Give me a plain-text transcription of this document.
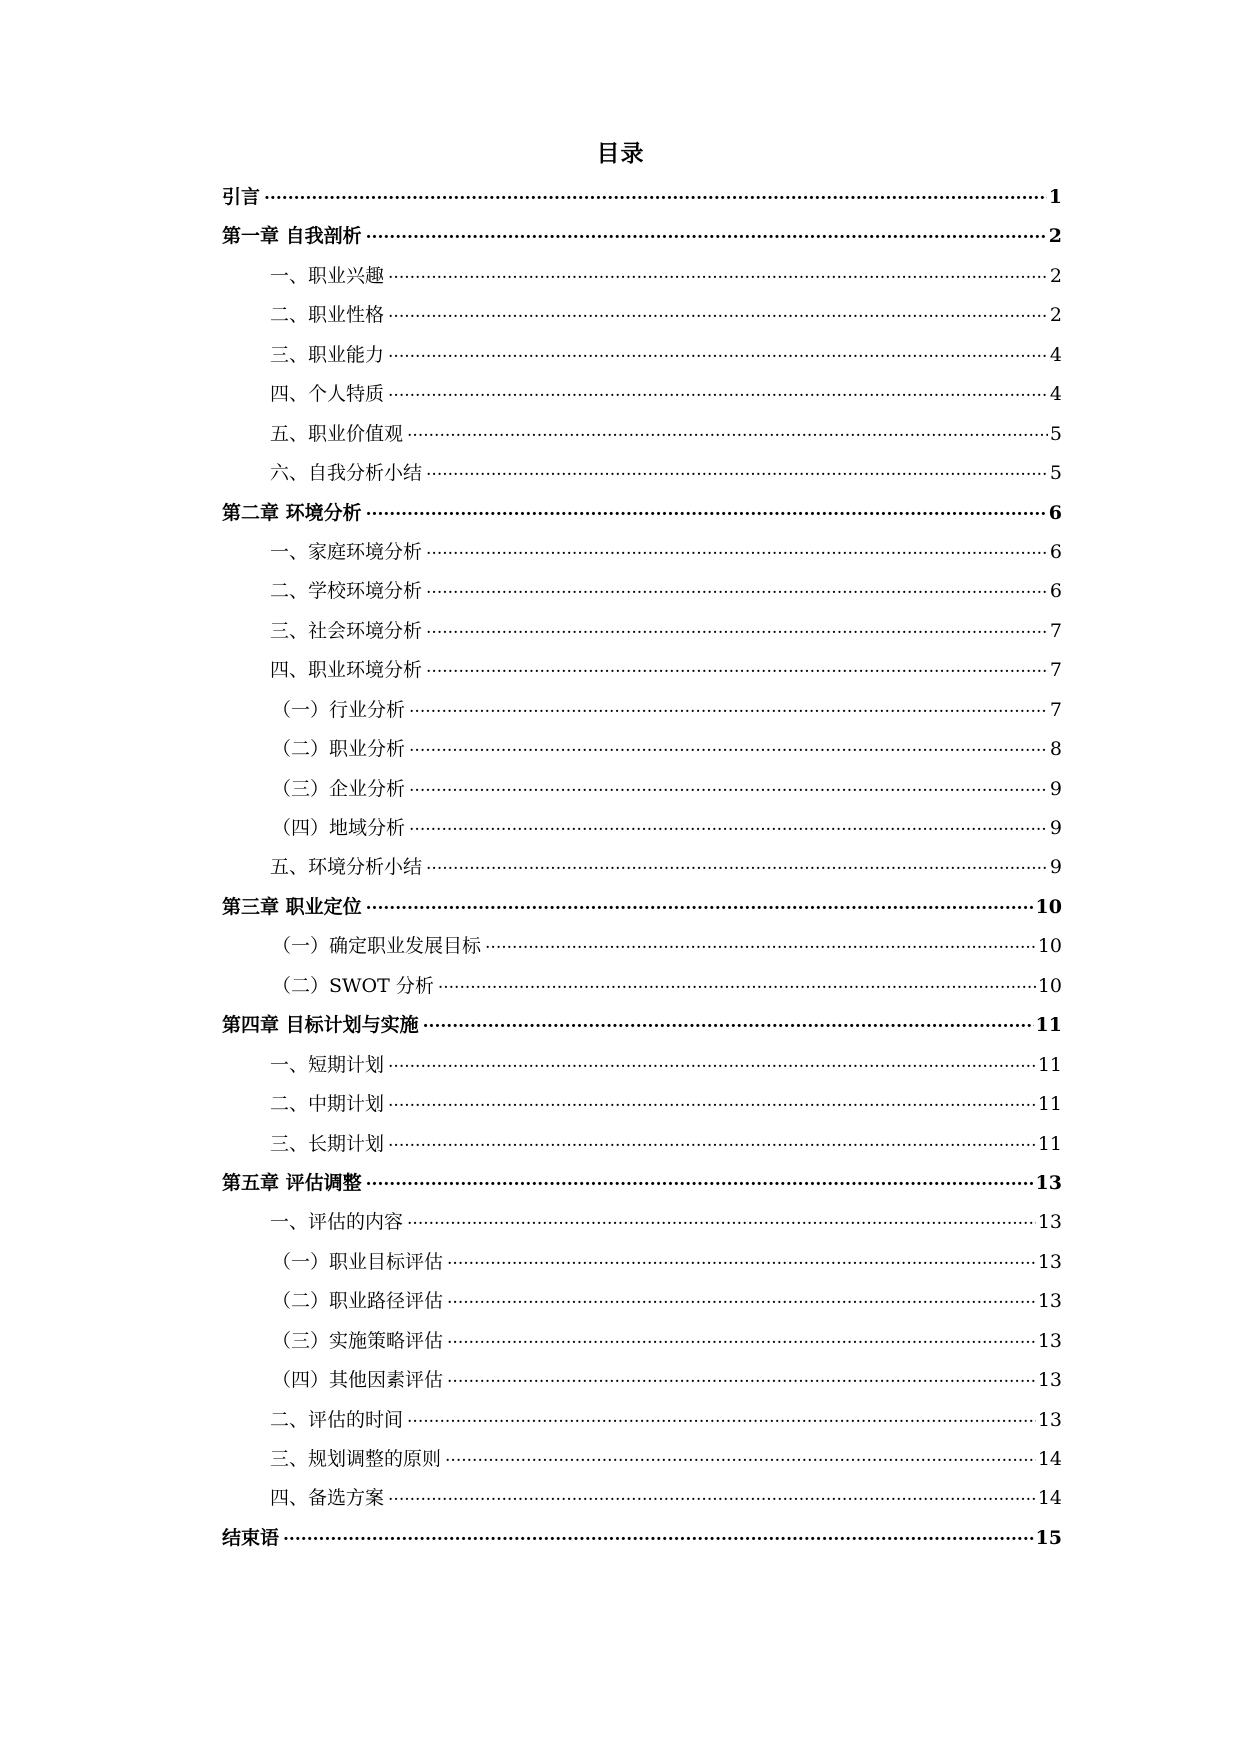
目录
引言 .....	1
第一章 自我剖析 .....	2
一、职业兴趣 .....	2
二、职业性格 .....	2
三、职业能力 .....	4
四、个人特质 .....	4
五、职业价值观 .....	5
六、自我分析小结 .....	5
第二章 环境分析 .....	6
一、家庭环境分析 .....	6
二、学校环境分析 .....	6
三、社会环境分析 .....	7
四、职业环境分析 .....	7
（一）行业分析 .....	7
（二）职业分析 .....	8
（三）企业分析 .....	9
（四）地域分析 .....	9
五、环境分析小结 .....	9
第三章 职业定位 .....	10
（一）确定职业发展目标 .....	10
（二）SWOT 分析 .....	10
第四章 目标计划与实施 .....	11
一、短期计划 .....	11
二、中期计划 .....	11
三、长期计划 .....	11
第五章 评估调整 .....	13
一、评估的内容 .....	13
（一）职业目标评估 .....	13
（二）职业路径评估 .....	13
（三）实施策略评估 .....	13
（四）其他因素评估 .....	13
二、评估的时间 .....	13
三、规划调整的原则 .....	14
四、备选方案 .....	14
结束语 .....	15
